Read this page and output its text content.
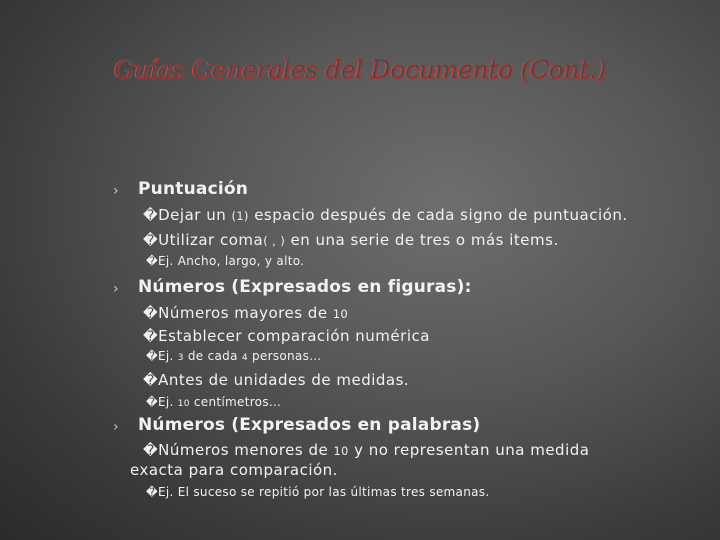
Guías Generales del Documento (Cont.)
› Puntuación
�Dejar un (1) espacio después de cada signo de puntuación.
�Utilizar coma( , ) en una serie de tres o más items.
�Ej. Ancho, largo, y alto.
› Números (Expresados en figuras):
�Números mayores de 10
�Establecer comparación numérica
�Ej. 3 de cada 4 personas…
�Antes de unidades de medidas.
�Ej. 10 centímetros…
› Números (Expresados en palabras)
�Números menores de 10 y no representan una medida
exacta para comparación.
�Ej. El suceso se repitió por las últimas tres semanas.
